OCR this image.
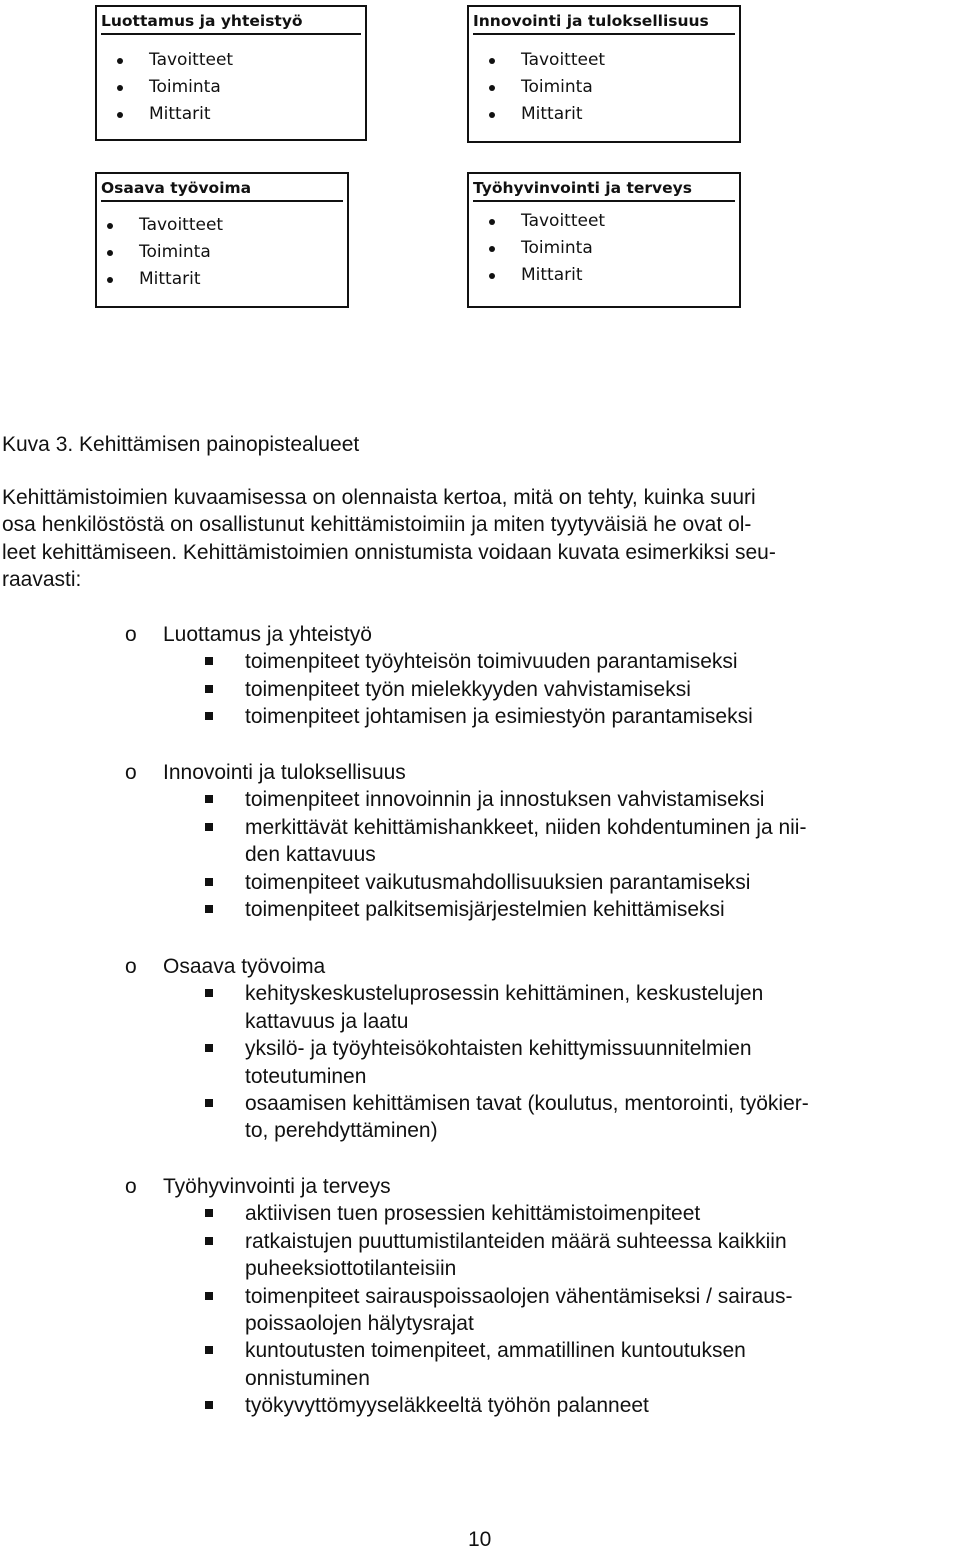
Luottamus ja yhteistyö
Tavoitteet
Toiminta
Mittarit
Innovointi ja tuloksellisuus
Tavoitteet
Toiminta
Mittarit
Osaava työvoima
Tavoitteet
Toiminta
Mittarit
Työhyvinvointi ja terveys
Tavoitteet
Toiminta
Mittarit
Kuva 3. Kehittämisen painopistealueet
Kehittämistoimien kuvaamisessa on olennaista kertoa, mitä on tehty, kuinka suuri
osa henkilöstöstä on osallistunut kehittämistoimiin ja miten tyytyväisiä he ovat ol-
leet kehittämiseen. Kehittämistoimien onnistumista voidaan kuvata esimerkiksi seu-
raavasti:
o Luottamus ja yhteistyö
toimenpiteet työyhteisön toimivuuden parantamiseksi
toimenpiteet työn mielekkyyden vahvistamiseksi
toimenpiteet johtamisen ja esimiestyön parantamiseksi
o Innovointi ja tuloksellisuus
toimenpiteet innovoinnin ja innostuksen vahvistamiseksi
merkittävät kehittämishankkeet, niiden kohdentuminen ja nii-
den kattavuus
toimenpiteet vaikutusmahdollisuuksien parantamiseksi
toimenpiteet palkitsemisjärjestelmien kehittämiseksi
o Osaava työvoima
kehityskeskusteluprosessin kehittäminen, keskustelujen
kattavuus ja laatu
yksilö- ja työyhteisökohtaisten kehittymissuunnitelmien
toteutuminen
osaamisen kehittämisen tavat (koulutus, mentorointi, työkier-
to, perehdyttäminen)
o Työhyvinvointi ja terveys
aktiivisen tuen prosessien kehittämistoimenpiteet
ratkaistujen puuttumistilanteiden määrä suhteessa kaikkiin
puheeksiottotilanteisiin
toimenpiteet sairauspoissaolojen vähentämiseksi / sairaus-
poissaolojen hälytysrajat
kuntoutusten toimenpiteet, ammatillinen kuntoutuksen
onnistuminen
työkyvyttömyyseläkkeeltä työhön palanneet
10
